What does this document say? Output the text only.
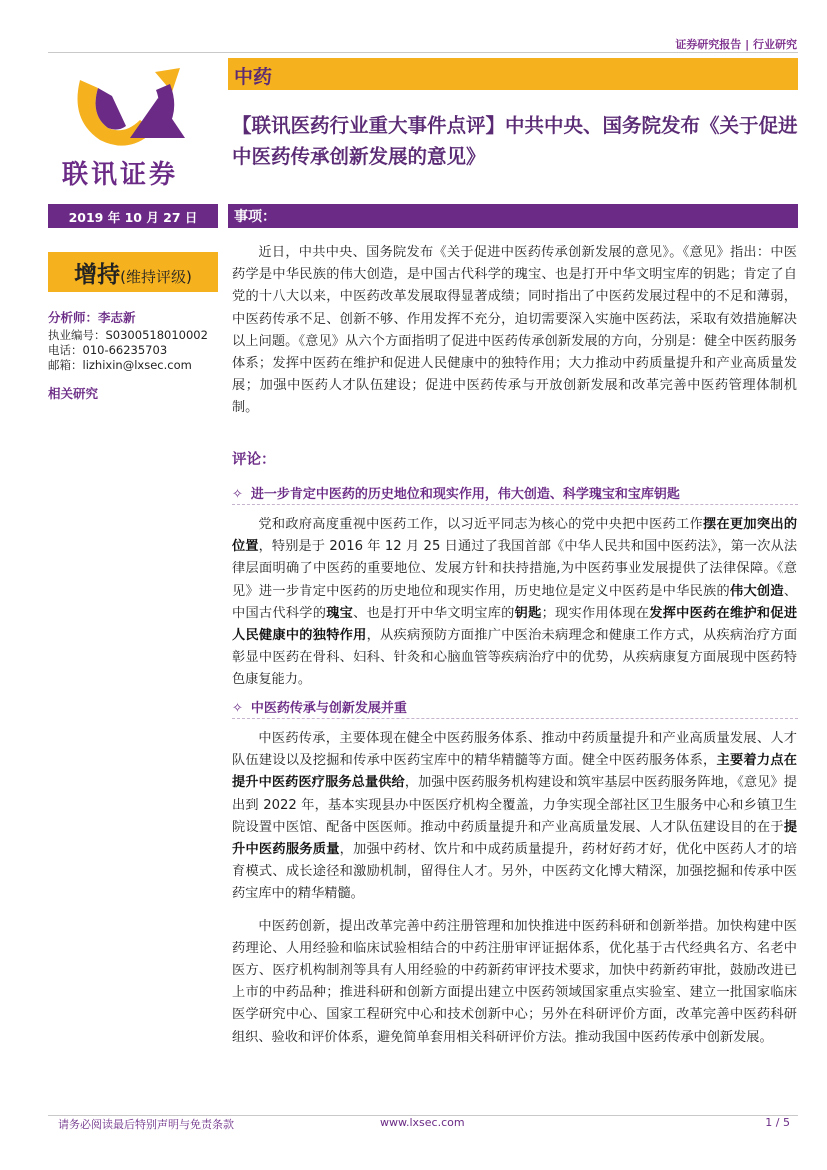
证券研究报告 | 行业研究
联讯证券
中药
【联讯医药行业重大事件点评】中共中央、国务院发布《关于促进中医药传承创新发展的意见》
2019 年 10 月 27 日	事项：
增持(维持评级)
分析师：李志新
执业编号：S0300518010002
电话：010-66235703
邮箱：lizhixin@lxsec.com
相关研究

近日，中共中央、国务院发布《关于促进中医药传承创新发展的意见》。《意见》指出：中医药学是中华民族的伟大创造，是中国古代科学的瑰宝、也是打开中华文明宝库的钥匙；肯定了自党的十八大以来，中医药改革发展取得显著成绩；同时指出了中医药发展过程中的不足和薄弱，中医药传承不足、创新不够、作用发挥不充分，迫切需要深入实施中医药法，采取有效措施解决以上问题。《意见》从六个方面指明了促进中医药传承创新发展的方向，分别是：健全中医药服务体系；发挥中医药在维护和促进人民健康中的独特作用；大力推动中药质量提升和产业高质量发展；加强中医药人才队伍建设；促进中医药传承与开放创新发展和改革完善中医药管理体制机制。

评论：
✧ 进一步肯定中医药的历史地位和现实作用，伟大创造、科学瑰宝和宝库钥匙

党和政府高度重视中医药工作，以习近平同志为核心的党中央把中医药工作摆在更加突出的位置，特别是于 2016 年 12 月 25 日通过了我国首部《中华人民共和国中医药法》，第一次从法律层面明确了中医药的重要地位、发展方针和扶持措施,为中医药事业发展提供了法律保障。《意见》进一步肯定中医药的历史地位和现实作用，历史地位是定义中医药是中华民族的伟大创造、中国古代科学的瑰宝、也是打开中华文明宝库的钥匙；现实作用体现在发挥中医药在维护和促进人民健康中的独特作用，从疾病预防方面推广中医治未病理念和健康工作方式，从疾病治疗方面彰显中医药在骨科、妇科、针灸和心脑血管等疾病治疗中的优势，从疾病康复方面展现中医药特色康复能力。

✧ 中医药传承与创新发展并重

中医药传承，主要体现在健全中医药服务体系、推动中药质量提升和产业高质量发展、人才队伍建设以及挖掘和传承中医药宝库中的精华精髓等方面。健全中医药服务体系，主要着力点在提升中医药医疗服务总量供给，加强中医药服务机构建设和筑牢基层中医药服务阵地，《意见》提出到 2022 年，基本实现县办中医医疗机构全覆盖，力争实现全部社区卫生服务中心和乡镇卫生院设置中医馆、配备中医医师。推动中药质量提升和产业高质量发展、人才队伍建设目的在于提升中医药服务质量，加强中药材、饮片和中成药质量提升，药材好药才好，优化中医药人才的培育模式、成长途径和激励机制，留得住人才。另外，中医药文化博大精深，加强挖掘和传承中医药宝库中的精华精髓。

中医药创新，提出改革完善中药注册管理和加快推进中医药科研和创新举措。加快构建中医药理论、人用经验和临床试验相结合的中药注册审评证据体系，优化基于古代经典名方、名老中医方、医疗机构制剂等具有人用经验的中药新药审评技术要求，加快中药新药审批，鼓励改进已上市的中药品种；推进科研和创新方面提出建立中医药领域国家重点实验室、建立一批国家临床医学研究中心、国家工程研究中心和技术创新中心；另外在科研评价方面，改革完善中医药科研组织、验收和评价体系，避免简单套用相关科研评价方法。推动我国中医药传承中创新发展。

请务必阅读最后特别声明与免责条款	www.lxsec.com	1 / 5
